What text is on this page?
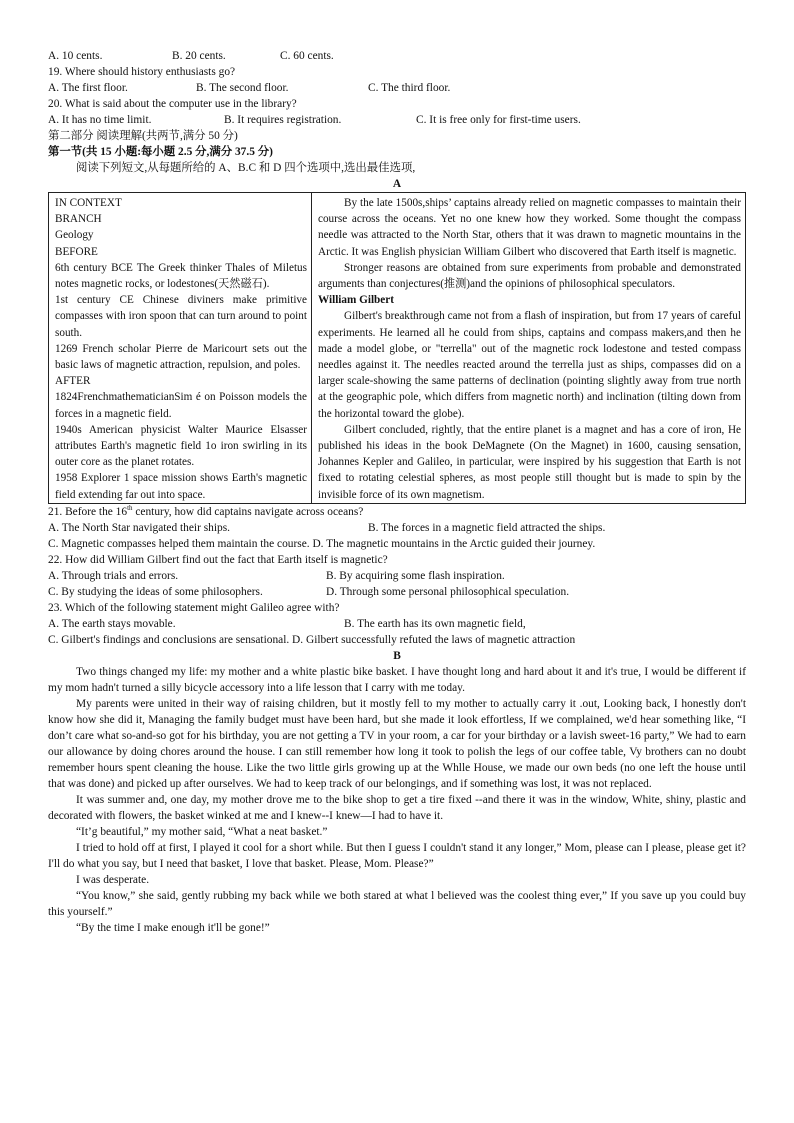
A. 10 cents.	B. 20 cents.	C. 60 cents.
19. Where should history enthusiasts go?
A. The first floor.	B. The second floor.	C. The third floor.
20. What is said about the computer use in the library?
A. It has no time limit.	B. It requires registration.	C. It is free only for first-time users.
第二部分 阅读理解(共两节,满分 50 分)
第一节(共 15 小题:每小题 2.5 分,满分 37.5 分)
阅读下列短文,从每题所给的 A、B.C 和 D 四个选项中,选出最佳选项,
A

IN CONTEXT

BRANCH

Geology

BEFORE

6th century BCE The Greek thinker Thales of Miletus notes magnetic rocks, or lodestones(天然磁石).

1st century CE Chinese diviners make primitive compasses with iron spoon that can turn around to point south.

1269 French scholar Pierre de Maricourt sets out the basic laws of magnetic attraction, repulsion, and poles.

AFTER

1824FrenchmathematicianSim é on Poisson models the forces in a magnetic field.

1940s American physicist Walter Maurice Elsasser attributes Earth's magnetic field 1o iron swirling in its outer core as the planet rotates.

1958 Explorer 1 space mission shows Earth's magnetic field extending far out into space.

By the late 1500s,ships’ captains already relied on magnetic compasses to maintain their course across the oceans. Yet no one knew how they worked. Some thought the compass needle was attracted to the North Star, others that it was drawn to magnetic mountains in the Arctic. It was English physician William Gilbert who discovered that Earth itself is magnetic.

Stronger reasons are obtained from sure experiments from probable and demonstrated arguments than conjectures(推测)and the opinions of philosophical speculators.

William Gilbert

Gilbert's breakthrough came not from a flash of inspiration, but from 17 years of careful experiments. He learned all he could from ships, captains and compass makers,and then he made a model globe, or "terrella" out of the magnetic rock lodestone and tested compass needles against it. The needles reacted around the terrella just as ships, compasses did on a larger scale-showing the same patterns of declination (pointing slightly away from true north at the geographic pole, which differs from magnetic north) and inclination (tilting down from the horizontal toward the globe).

Gilbert concluded, rightly, that the entire planet is a magnet and has a core of iron, He published his ideas in the book DeMagnete (On the Magnet) in 1600, causing sensation, Johannes Kepler and Galileo, in particular, were inspired by his suggestion that Earth is not fixed to rotating celestial spheres, as most people still thought but is made to spin by the invisible force of its own magnetism.

21. Before the 16th century, how did captains navigate across oceans?
A. The North Star navigated their ships.	B. The forces in a magnetic field attracted the ships.
C. Magnetic compasses helped them maintain the course. D. The magnetic mountains in the Arctic guided their journey.
22. How did William Gilbert find out the fact that Earth itself is magnetic?
A. Through trials and errors.	B. By acquiring some flash inspiration.
C. By studying the ideas of some philosophers.	D. Through some personal philosophical speculation.
23. Which of the following statement might Galileo agree with?
A. The earth stays movable.	B. The earth has its own magnetic field,
C. Gilbert's findings and conclusions are sensational. D. Gilbert successfully refuted the laws of magnetic attraction
B

Two things changed my life: my mother and a white plastic bike basket. I have thought long and hard about it and it's true, I would be different if my mom hadn't turned a silly bicycle accessory into a life lesson that I carry with me today.

My parents were united in their way of raising children, but it mostly fell to my mother to actually carry it .out, Looking back, I honestly don't know how she did it, Managing the family budget must have been hard, but she made it look effortless, If we complained, we'd hear something like, “I don’t care what so-and-so got for his birthday, you are not getting a TV in your room, a car for your birthday or a lavish sweet-16 party,” We had to earn our allowance by doing chores around the house. I can still remember how long it took to polish the legs of our coffee table, Vy brothers can no doubt remember hours spent cleaning the house. Like the two little girls growing up at the Whlle House, we made our own beds (no one left the house until that was done) and picked up after ourselves. We had to keep track of our belongings, and if something was lost, it was not replaced.

It was summer and, one day, my mother drove me to the bike shop to get a tire fixed --and there it was in the window, White, shiny, plastic and decorated with flowers, the basket winked at me and I knew--I knew—I had to have it.

“It’g beautiful,” my mother said, “What a neat basket.”

I tried to hold off at first, I played it cool for a short while. But then I guess I couldn't stand it any longer,” Mom, please can I please, please get it? I'll do what you say, but I need that basket, I love that basket. Please, Mom. Please?”

I was desperate.

“You know,” she said, gently rubbing my back while we both stared at what l believed was the coolest thing ever,” If you save up you could buy this yourself.”

“By the time I make enough it'll be gone!”
